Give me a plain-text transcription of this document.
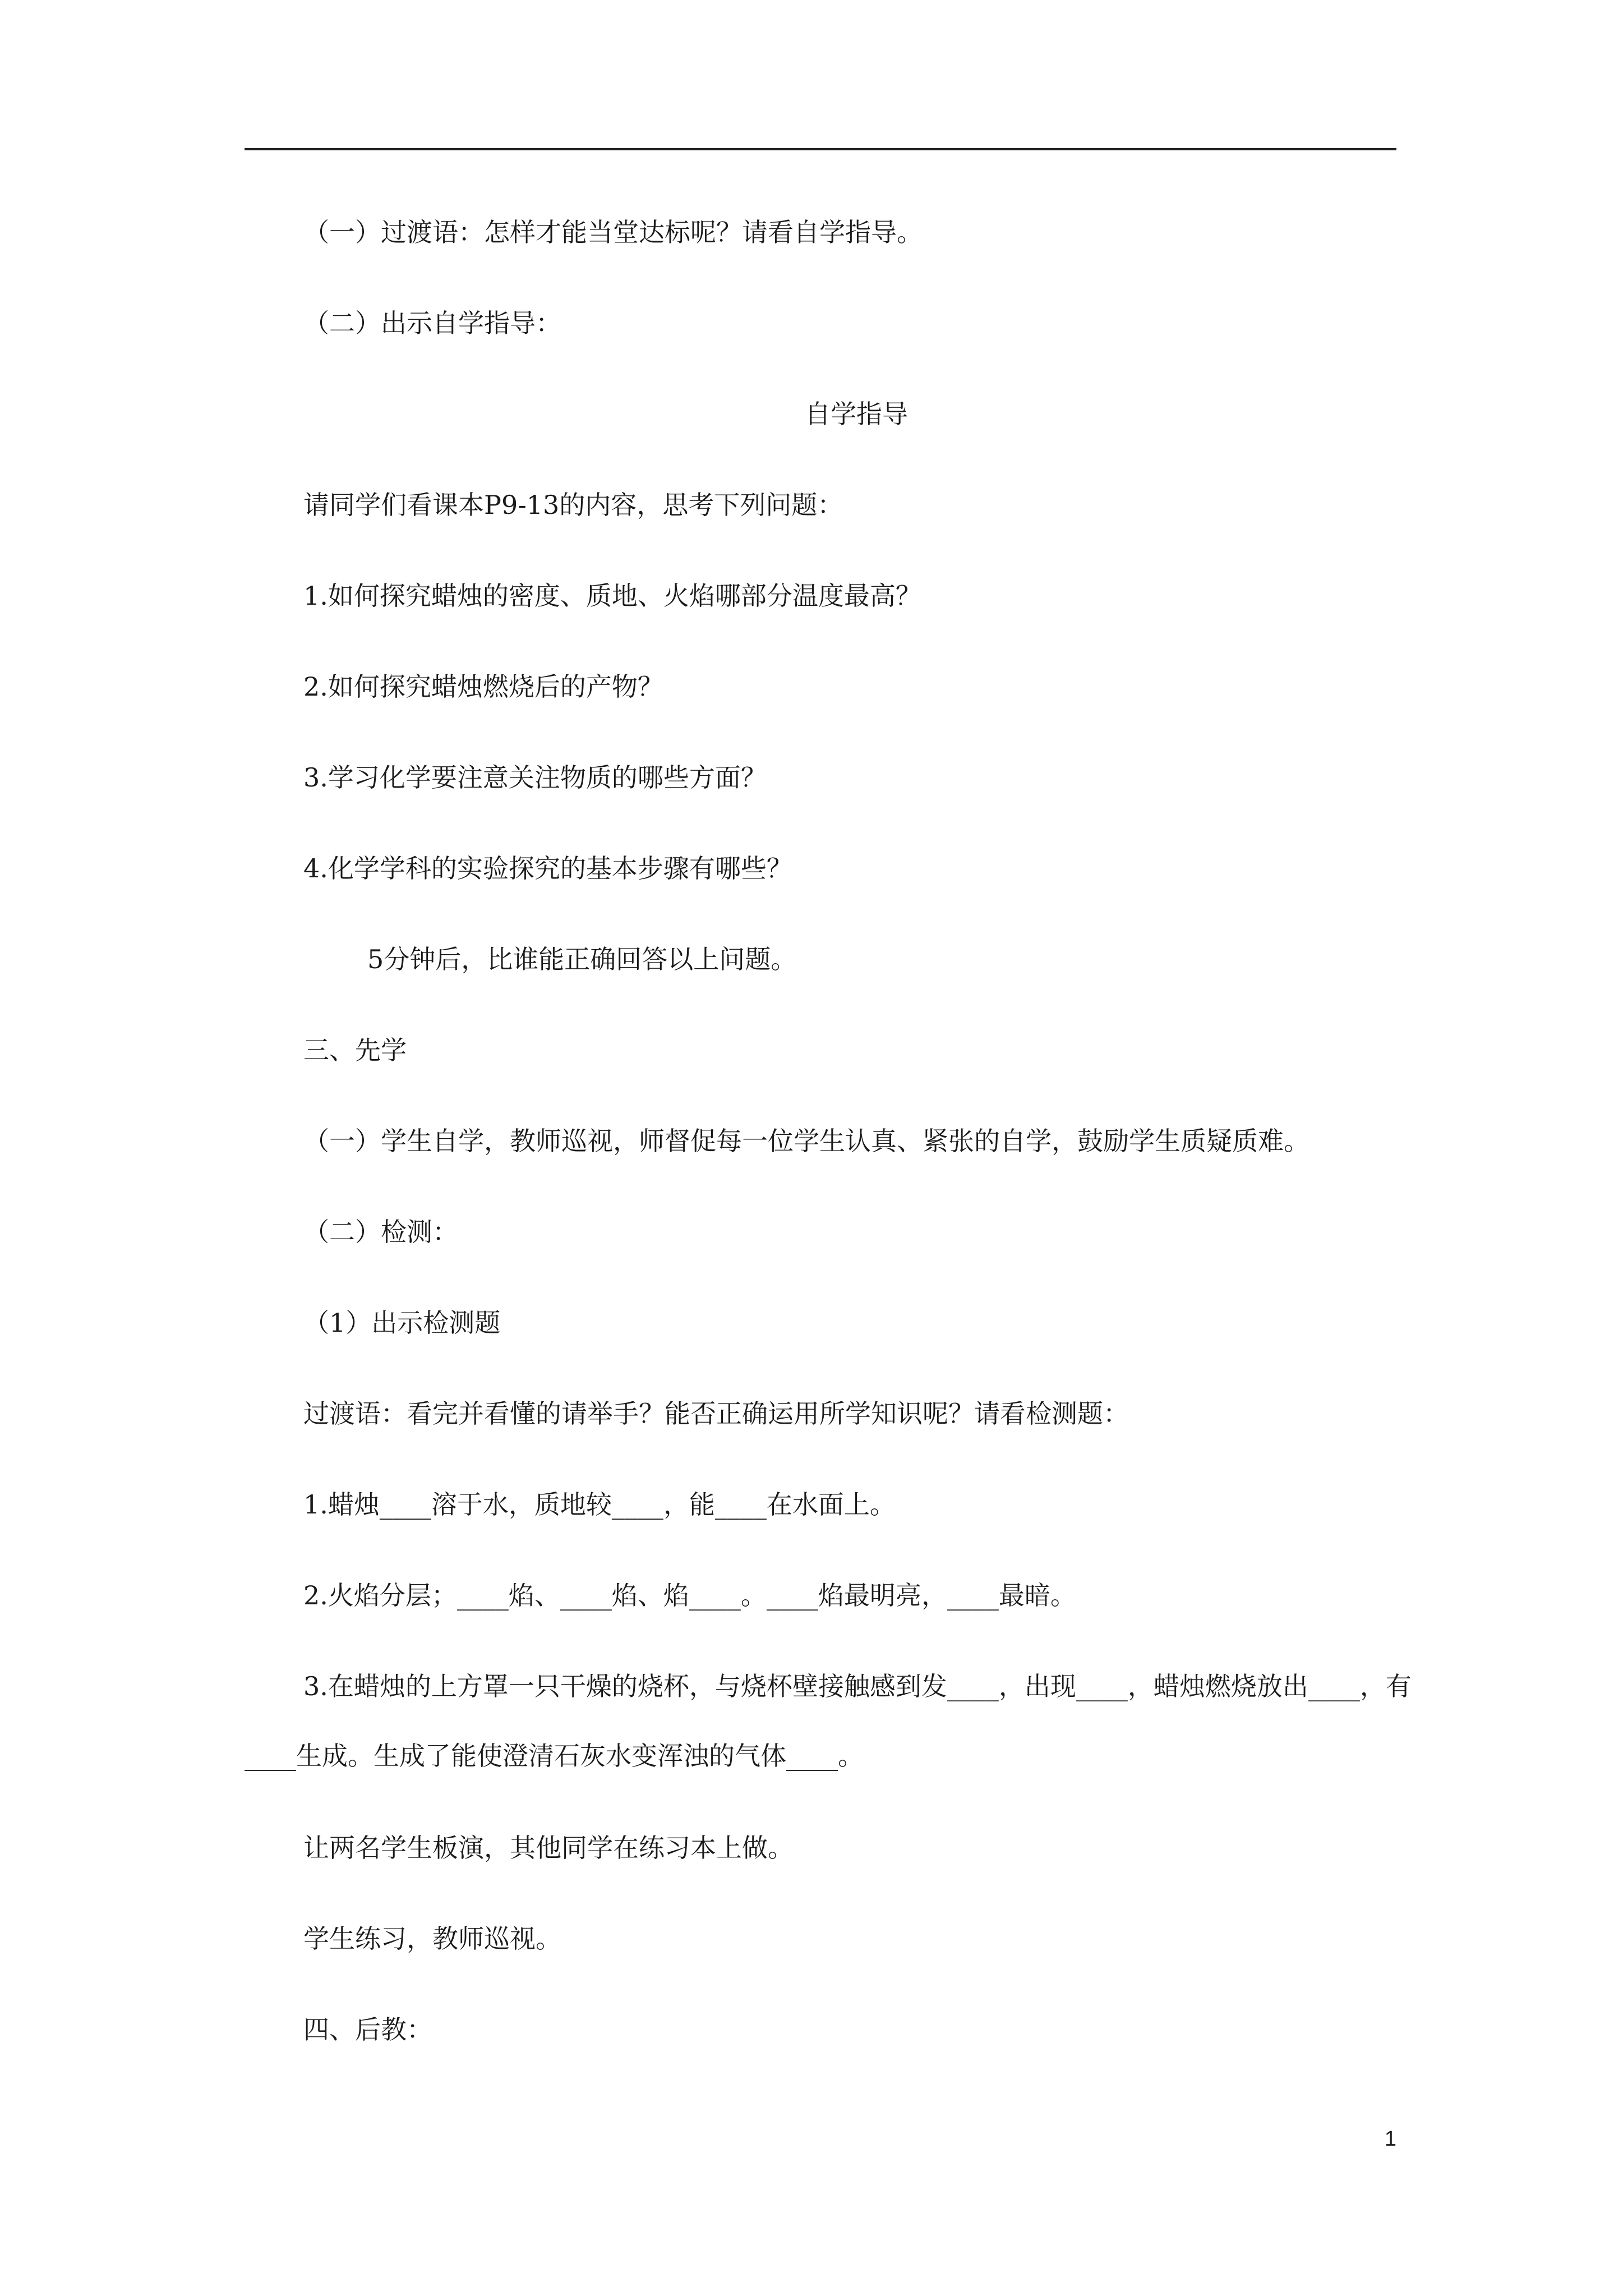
（一）过渡语：怎样才能当堂达标呢？请看自学指导。
（二）出示自学指导：
自学指导
请同学们看课本P9-13的内容，思考下列问题：
1.如何探究蜡烛的密度、质地、火焰哪部分温度最高？
2.如何探究蜡烛燃烧后的产物？
3.学习化学要注意关注物质的哪些方面？
4.化学学科的实验探究的基本步骤有哪些？
5分钟后，比谁能正确回答以上问题。
三、先学
（一）学生自学，教师巡视，师督促每一位学生认真、紧张的自学，鼓励学生质疑质难。
（二）检测：
（1）出示检测题
过渡语：看完并看懂的请举手？能否正确运用所学知识呢？请看检测题：
1.蜡烛____溶于水，质地较____，能____在水面上。
2.火焰分层；____焰、____焰、焰____。____焰最明亮，____最暗。
3.在蜡烛的上方罩一只干燥的烧杯，与烧杯壁接触感到发____，出现____，蜡烛燃烧放出____，有
____生成。生成了能使澄清石灰水变浑浊的气体____。
让两名学生板演，其他同学在练习本上做。
学生练习，教师巡视。
四、后教：
1
